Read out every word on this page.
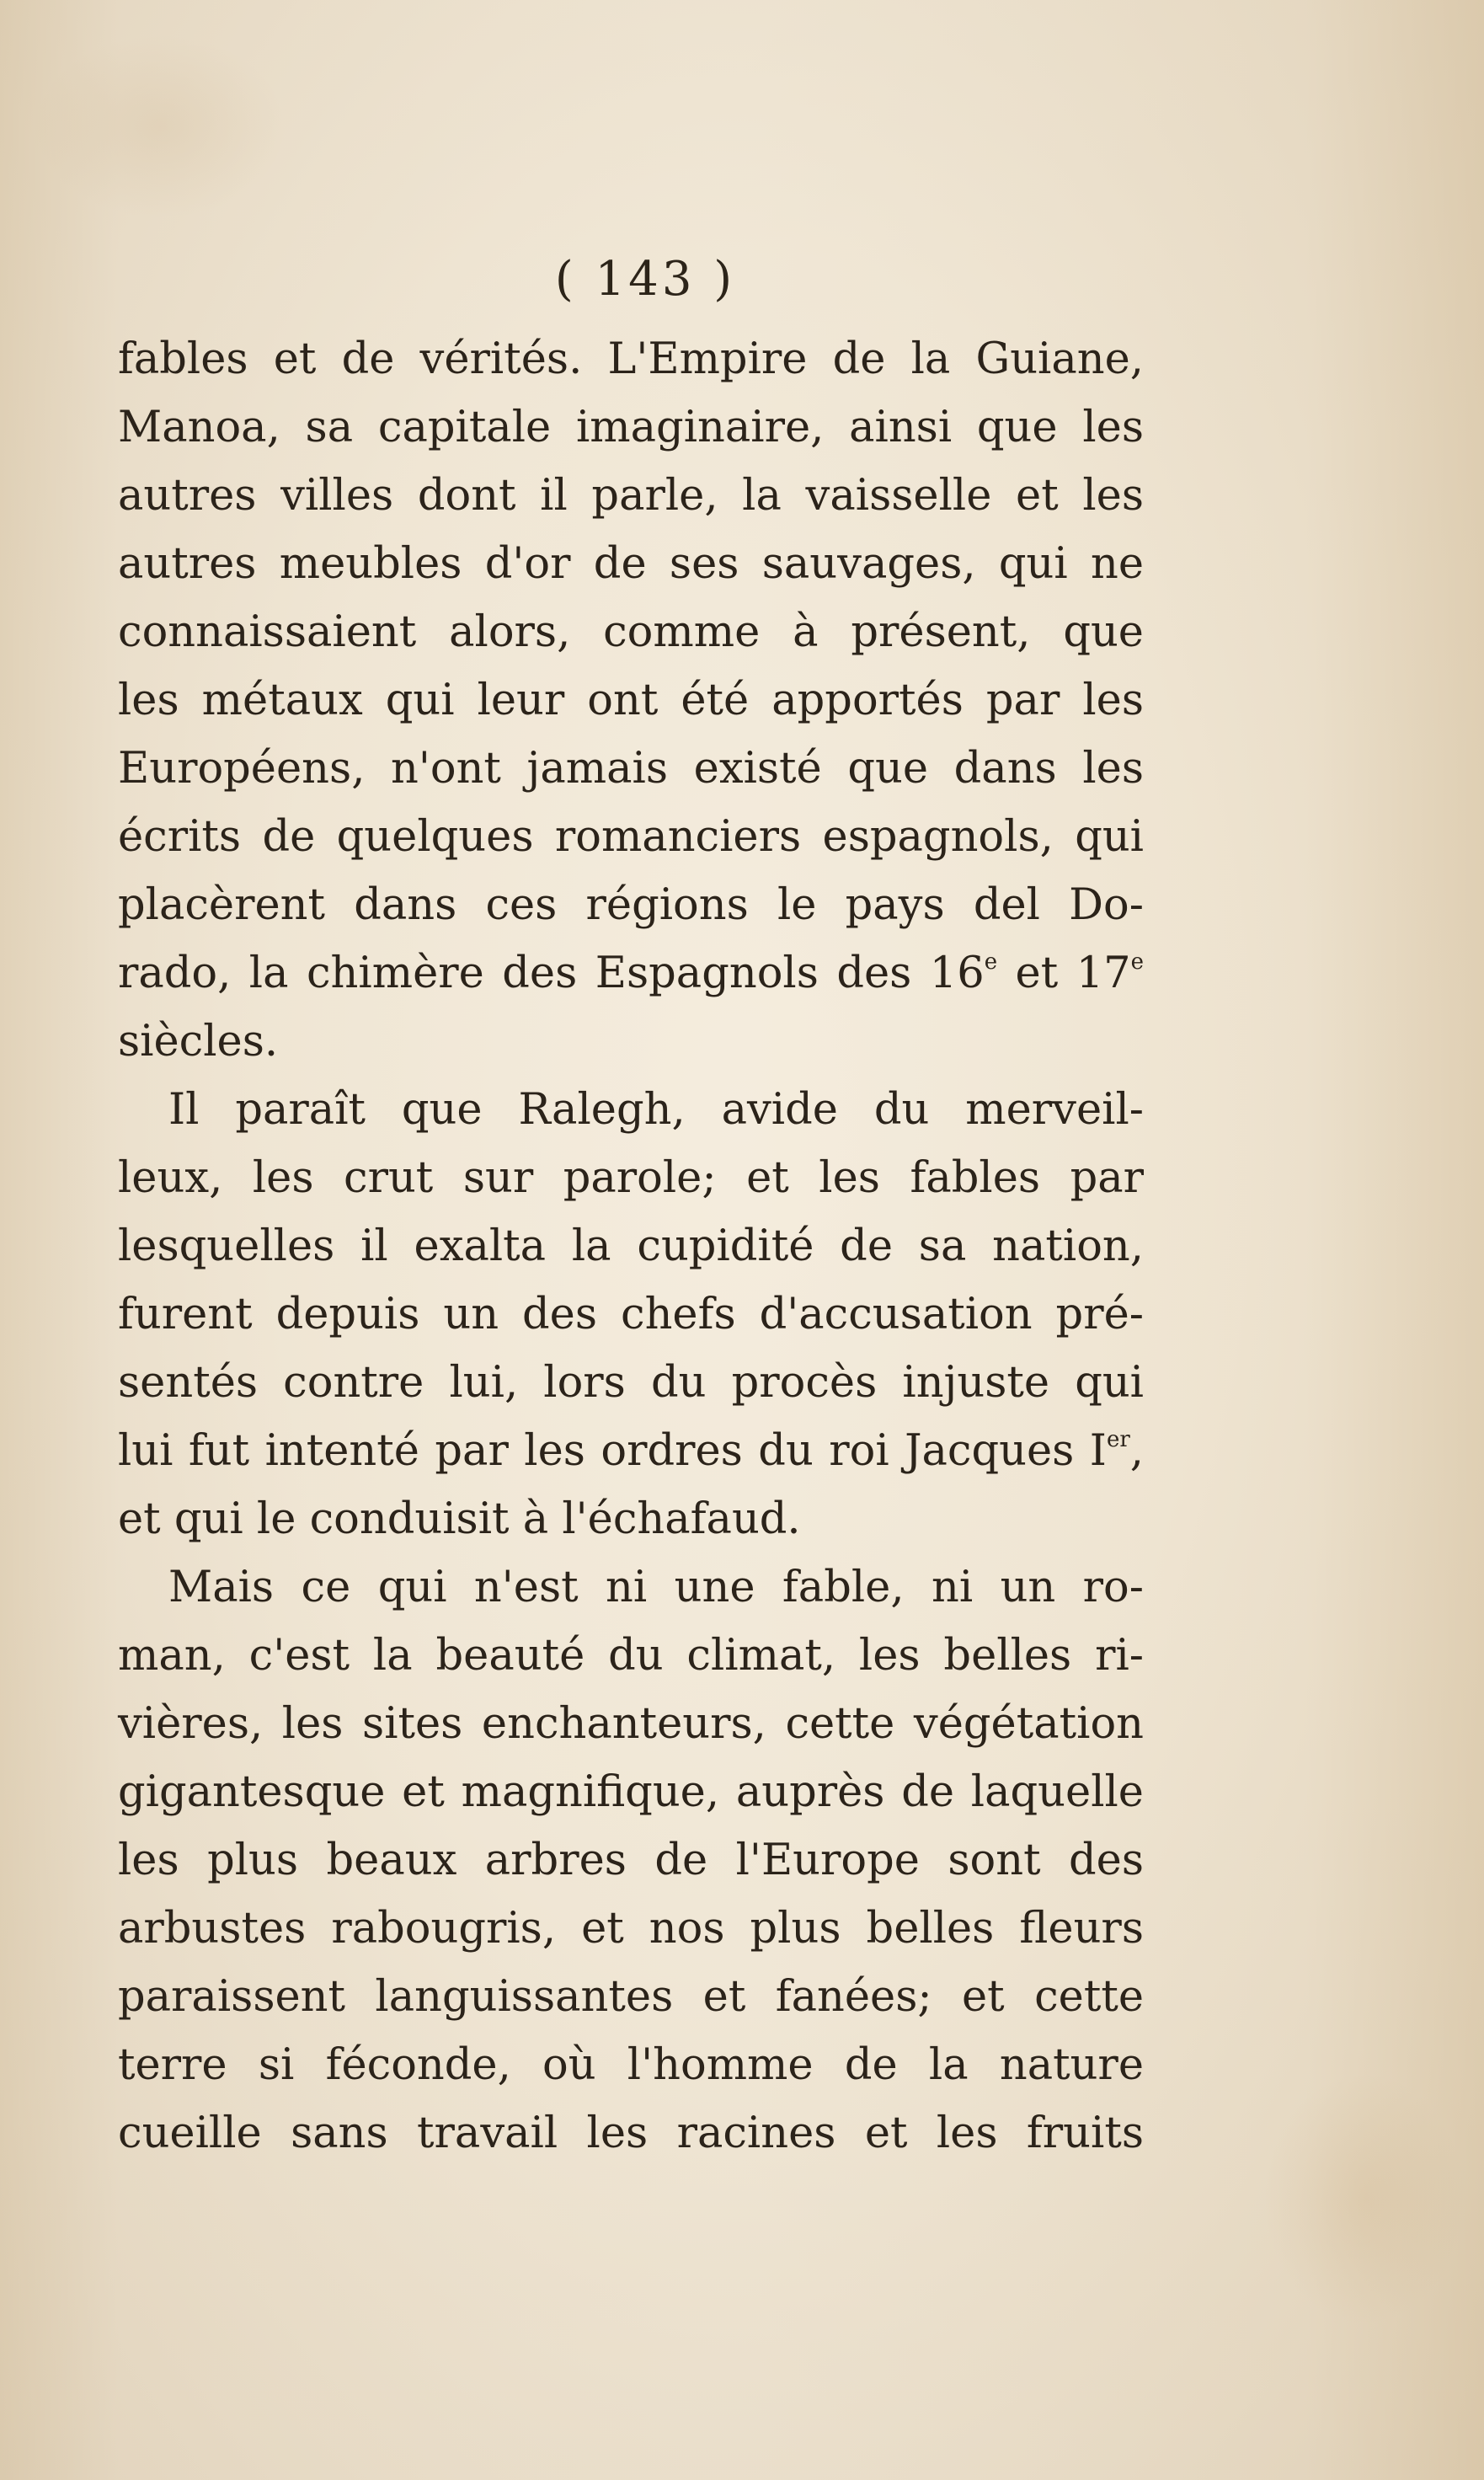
( 143 )

fables et de vérités. L'Empire de la Guiane,
Manoa, sa capitale imaginaire, ainsi que les
autres villes dont il parle, la vaisselle et les
autres meubles d'or de ses sauvages, qui ne
connaissaient alors, comme à présent, que
les métaux qui leur ont été apportés par les
Européens, n'ont jamais existé que dans les
écrits de quelques romanciers espagnols, qui
placèrent dans ces régions le pays del Do-
rado, la chimère des Espagnols des 16e et 17e
siècles.

Il paraît que Ralegh, avide du merveil-
leux, les crut sur parole; et les fables par
lesquelles il exalta la cupidité de sa nation,
furent depuis un des chefs d'accusation pré-
sentés contre lui, lors du procès injuste qui
lui fut intenté par les ordres du roi Jacques Ier,
et qui le conduisit à l'échafaud.

Mais ce qui n'est ni une fable, ni un ro-
man, c'est la beauté du climat, les belles ri-
vières, les sites enchanteurs, cette végétation
gigantesque et magnifique, auprès de laquelle
les plus beaux arbres de l'Europe sont des
arbustes rabougris, et nos plus belles fleurs
paraissent languissantes et fanées; et cette
terre si féconde, où l'homme de la nature
cueille sans travail les racines et les fruits
